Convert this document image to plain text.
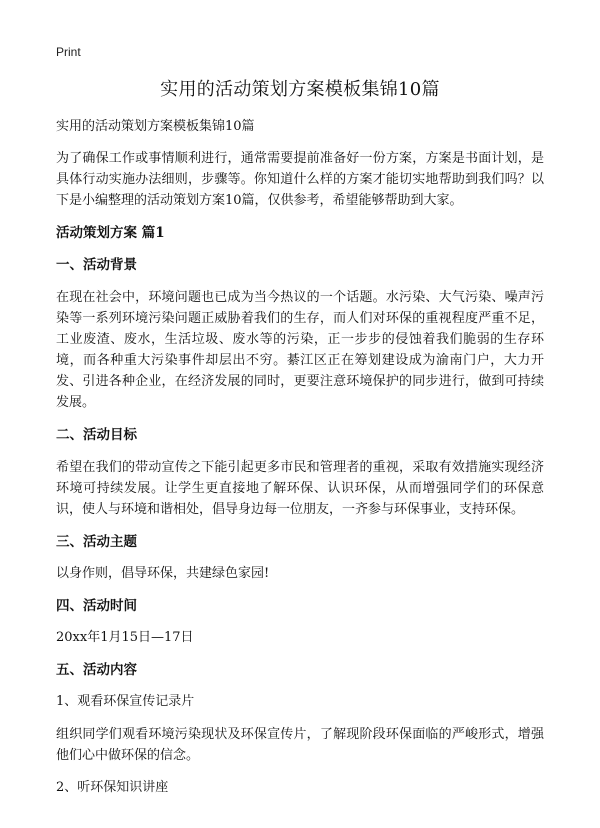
Print
实用的活动策划方案模板集锦10篇
实用的活动策划方案模板集锦10篇

为了确保工作或事情顺利进行，通常需要提前准备好一份方案，方案是书面计划，是具体行动实施办法细则，步骤等。你知道什么样的方案才能切实地帮助到我们吗？以下是小编整理的活动策划方案10篇，仅供参考，希望能够帮助到大家。

活动策划方案 篇1
一、活动背景

在现在社会中，环境问题也已成为当今热议的一个话题。水污染、大气污染、噪声污染等一系列环境污染问题正威胁着我们的生存，而人们对环保的重视程度严重不足，工业废渣、废水，生活垃圾、废水等的污染，正一步步的侵蚀着我们脆弱的生存环境，而各种重大污染事件却层出不穷。綦江区正在筹划建设成为渝南门户，大力开发、引进各种企业，在经济发展的同时，更要注意环境保护的同步进行，做到可持续发展。

二、活动目标

希望在我们的带动宣传之下能引起更多市民和管理者的重视，采取有效措施实现经济环境可持续发展。让学生更直接地了解环保、认识环保，从而增强同学们的环保意识，使人与环境和谐相处，倡导身边每一位朋友，一齐参与环保事业，支持环保。

三、活动主题
以身作则，倡导环保，共建绿色家园!
四、活动时间
20xx年1月15日—17日
五、活动内容
1、观看环保宣传记录片

组织同学们观看环境污染现状及环保宣传片，了解现阶段环保面临的严峻形式，增强他们心中做环保的信念。

2、听环保知识讲座
